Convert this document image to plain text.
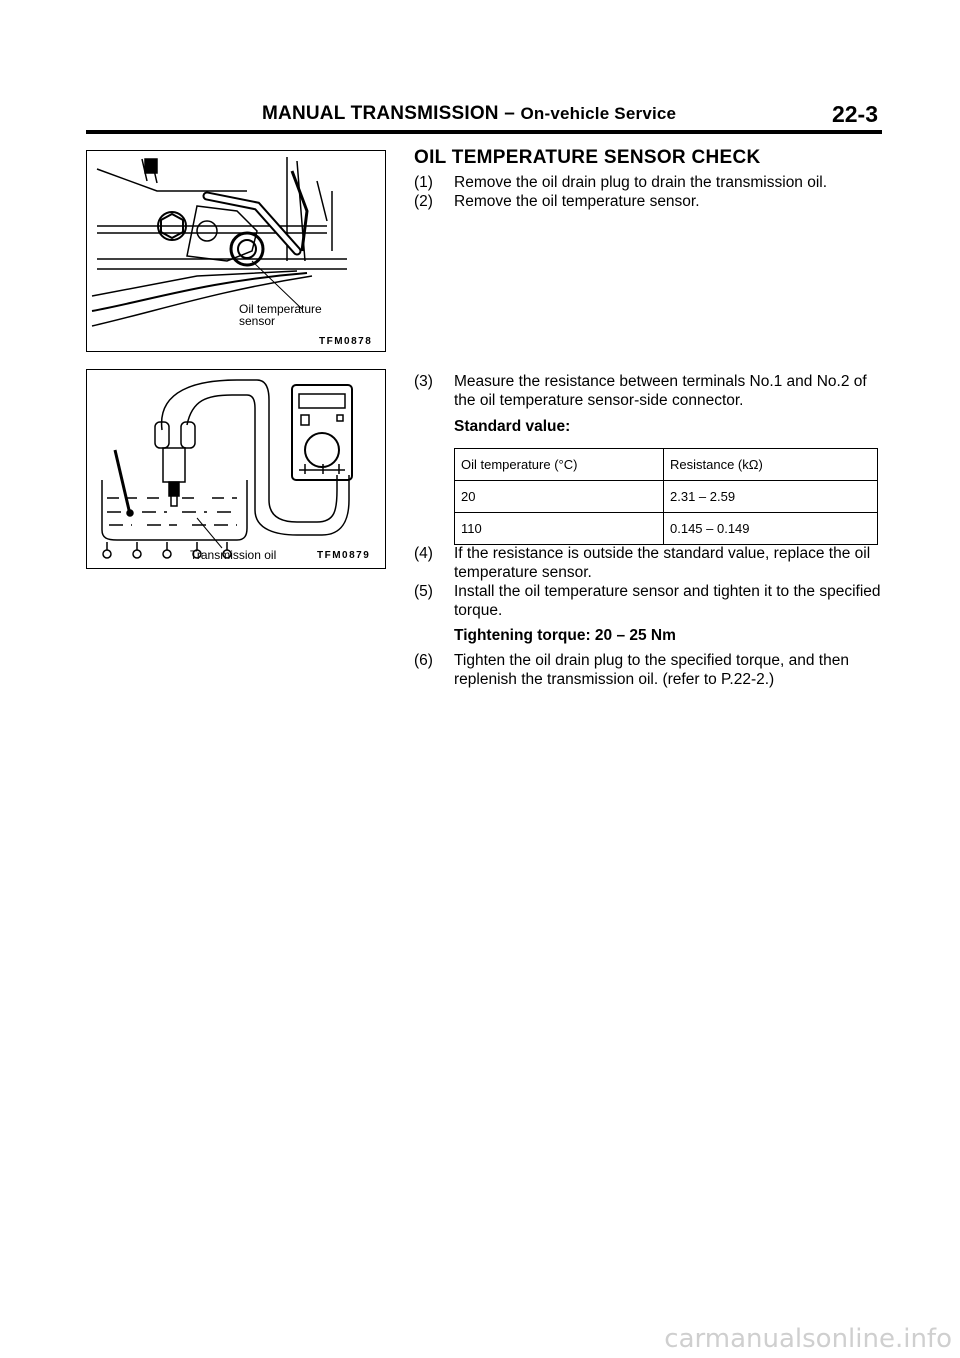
MANUAL TRANSMISSION – On-vehicle Service	22-3
Oil temperature
sensor
TFM0878
Transmission oil	TFM0879
OIL TEMPERATURE SENSOR CHECK
(1) Remove the oil drain plug to drain the transmission oil.
(2) Remove the oil temperature sensor.
(3) Measure the resistance between terminals No.1 and No.2 of the oil temperature sensor-side connector.
Standard value:
Oil temperature (°C)	Resistance (kΩ)
20	2.31 – 2.59
110	0.145 – 0.149
(4) If the resistance is outside the standard value, replace the oil temperature sensor.
(5) Install the oil temperature sensor and tighten it to the specified torque.
Tightening torque: 20 – 25 Nm
(6) Tighten the oil drain plug to the specified torque, and then replenish the transmission oil. (refer to P.22-2.)
carmanualsonline.info
